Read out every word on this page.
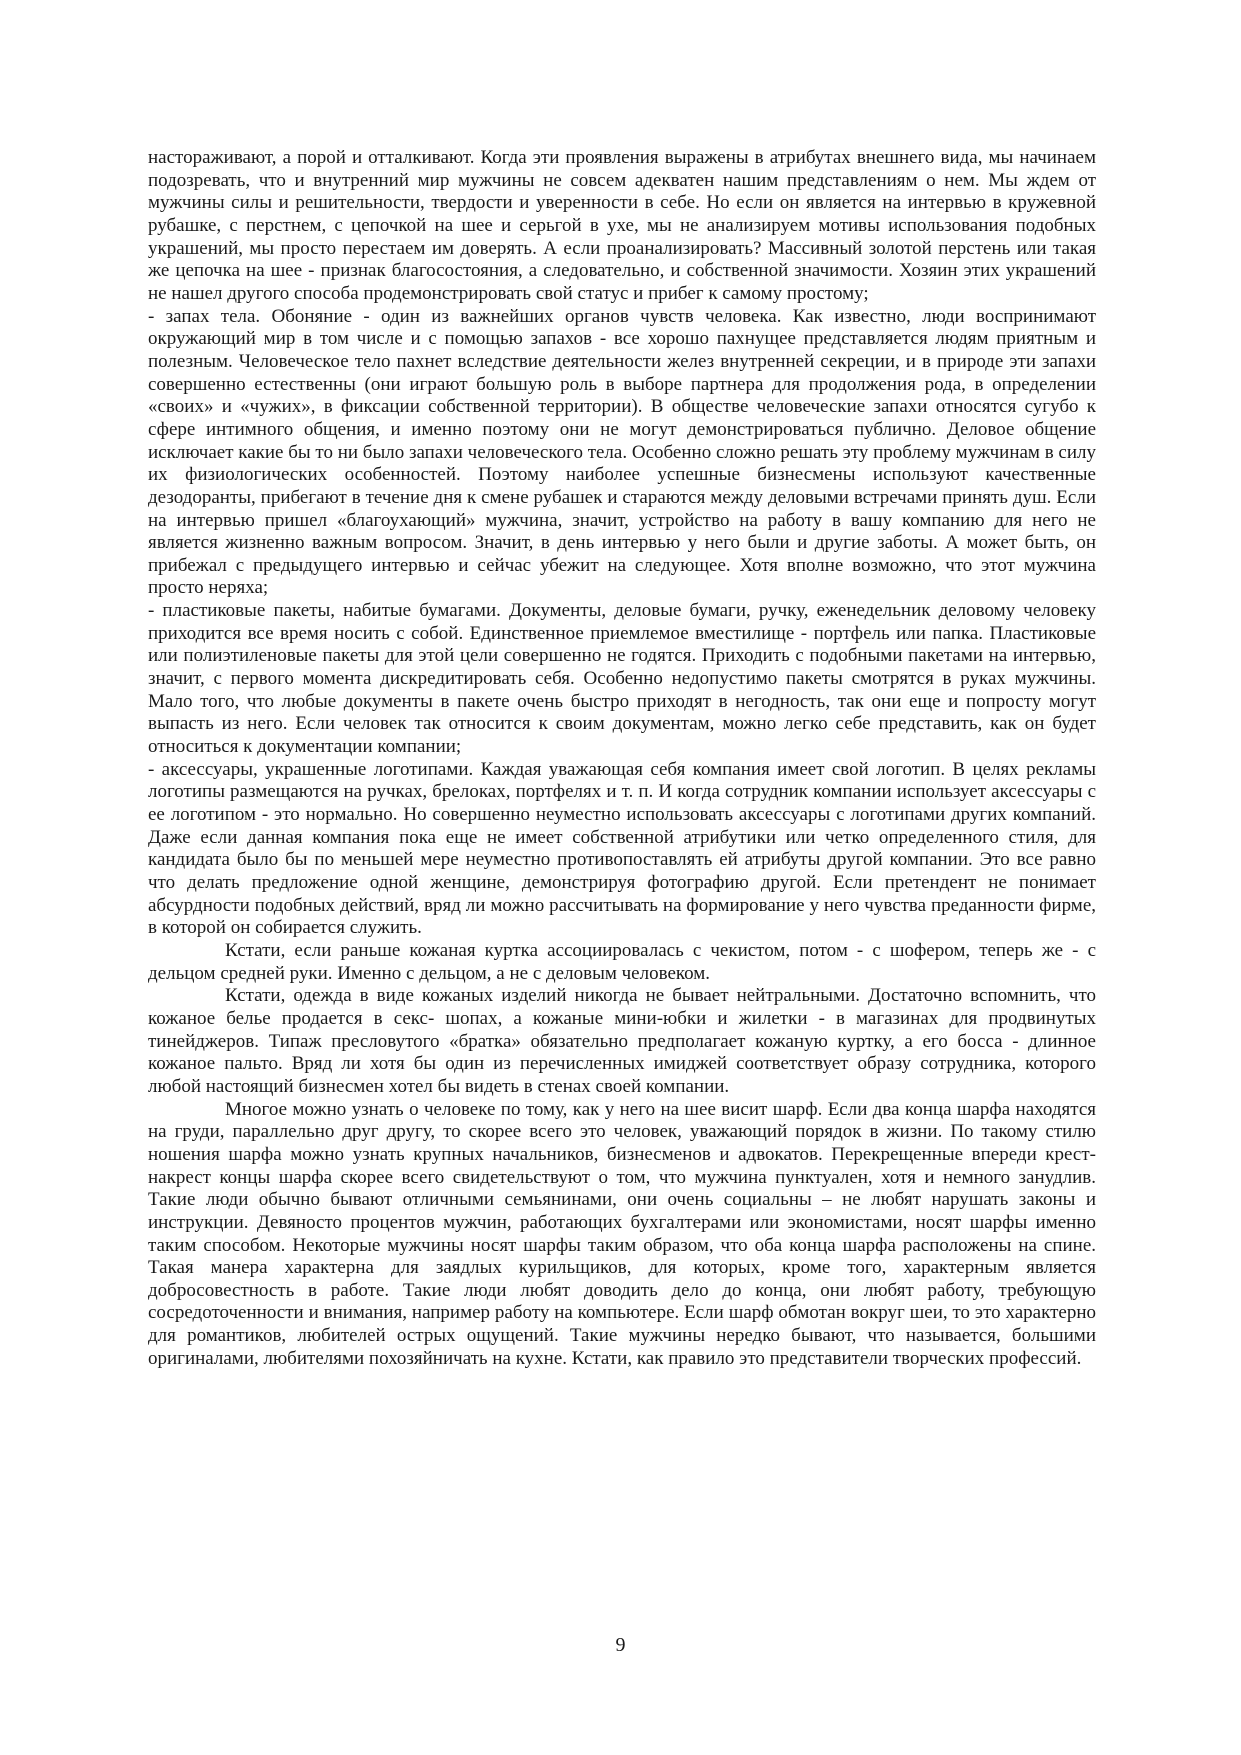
настораживают, а порой и отталкивают. Когда эти проявления выражены в атрибутах внешнего вида, мы начинаем подозревать, что и внутренний мир мужчины не совсем адекватен нашим представлениям о нем. Мы ждем от мужчины силы и решительности, твердости и уверенности в себе. Но если он является на интервью в кружевной рубашке, с перстнем, с цепочкой на шее и серьгой в ухе, мы не анализируем мотивы использования подобных украшений, мы просто перестаем им доверять. А если проанализировать? Массивный золотой перстень или такая же цепочка на шее - признак благосостояния, а следовательно, и собственной значимости. Хозяин этих украшений не нашел другого способа продемонстрировать свой статус и прибег к самому простому;

- запах тела. Обоняние - один из важнейших органов чувств человека. Как известно, люди воспринимают окружающий мир в том числе и с помощью запахов - все хорошо пахнущее представляется людям приятным и полезным. Человеческое тело пахнет вследствие деятельности желез внутренней секреции, и в природе эти запахи совершенно естественны (они играют большую роль в выборе партнера для продолжения рода, в определении «своих» и «чужих», в фиксации собственной территории). В обществе человеческие запахи относятся сугубо к сфере интимного общения, и именно поэтому они не могут демонстрироваться публично. Деловое общение исключает какие бы то ни было запахи человеческого тела. Особенно сложно решать эту проблему мужчинам в силу их физиологических особенностей. Поэтому наиболее успешные бизнесмены используют качественные дезодоранты, прибегают в течение дня к смене рубашек и стараются между деловыми встречами принять душ. Если на интервью пришел «благоухающий» мужчина, значит, устройство на работу в вашу компанию для него не является жизненно важным вопросом. Значит, в день интервью у него были и другие заботы. А может быть, он прибежал с предыдущего интервью и сейчас убежит на следующее. Хотя вполне возможно, что этот мужчина просто неряха;

- пластиковые пакеты, набитые бумагами. Документы, деловые бумаги, ручку, еженедельник деловому человеку приходится все время носить с собой. Единственное приемлемое вместилище - портфель или папка. Пластиковые или полиэтиленовые пакеты для этой цели совершенно не годятся. Приходить с подобными пакетами на интервью, значит, с первого момента дискредитировать себя. Особенно недопустимо пакеты смотрятся в руках мужчины. Мало того, что любые документы в пакете очень быстро приходят в негодность, так они еще и попросту могут выпасть из него. Если человек так относится к своим документам, можно легко себе представить, как он будет относиться к документации компании;

- аксессуары, украшенные логотипами. Каждая уважающая себя компания имеет свой логотип. В целях рекламы логотипы размещаются на ручках, брелоках, портфелях и т. п. И когда сотрудник компании использует аксессуары с ее логотипом - это нормально. Но совершенно неуместно использовать аксессуары с логотипами других компаний. Даже если данная компания пока еще не имеет собственной атрибутики или четко определенного стиля, для кандидата было бы по меньшей мере неуместно противопоставлять ей атрибуты другой компании. Это все равно что делать предложение одной женщине, демонстрируя фотографию другой. Если претендент не понимает абсурдности подобных действий, вряд ли можно рассчитывать на формирование у него чувства преданности фирме, в которой он собирается служить.

Кстати, если раньше кожаная куртка ассоциировалась с чекистом, потом - с шофером, теперь же - с дельцом средней руки. Именно с дельцом, а не с деловым человеком.

Кстати, одежда в виде кожаных изделий никогда не бывает нейтральными. Достаточно вспомнить, что кожаное белье продается в секс- шопах, а кожаные мини-юбки и жилетки - в магазинах для продвинутых тинейджеров. Типаж пресловутого «братка» обязательно предполагает кожаную куртку, а его босса - длинное кожаное пальто. Вряд ли хотя бы один из перечисленных имиджей соответствует образу сотрудника, которого любой настоящий бизнесмен хотел бы видеть в стенах своей компании.

Многое можно узнать о человеке по тому, как у него на шее висит шарф. Если два конца шарфа находятся на груди, параллельно друг другу, то скорее всего это человек, уважающий порядок в жизни. По такому стилю ношения шарфа можно узнать крупных начальников, бизнесменов и адвокатов. Перекрещенные впереди крест-накрест концы шарфа скорее всего свидетельствуют о том, что мужчина пунктуален, хотя и немного занудлив. Такие люди обычно бывают отличными семьянинами, они очень социальны – не любят нарушать законы и инструкции. Девяносто процентов мужчин, работающих бухгалтерами или экономистами, носят шарфы именно таким способом. Некоторые мужчины носят шарфы таким образом, что оба конца шарфа расположены на спине. Такая манера характерна для заядлых курильщиков, для которых, кроме того, характерным является добросовестность в работе. Такие люди любят доводить дело до конца, они любят работу, требующую сосредоточенности и внимания, например работу на компьютере. Если шарф обмотан вокруг шеи, то это характерно для романтиков, любителей острых ощущений. Такие мужчины нередко бывают, что называется, большими оригиналами, любителями похозяйничать на кухне. Кстати, как правило это представители творческих профессий.

9
